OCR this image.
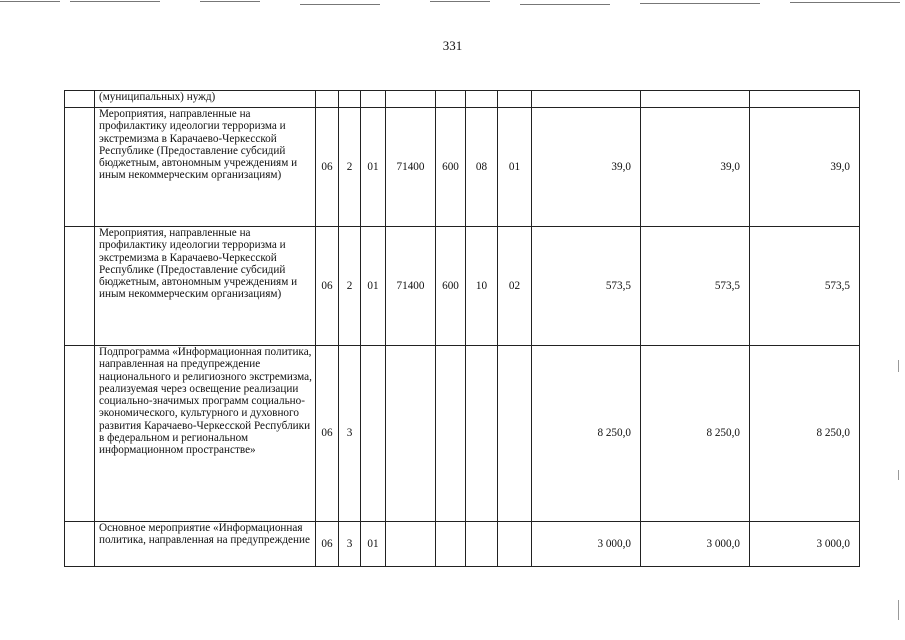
331
	(муниципальных) нужд)										
	Мероприятия, направленные на профилактику идеологии терроризма и экстремизма в Карачаево-Черкесской Республике (Предоставление субсидий бюджетным, автономным учреждениям и иным некоммерческим организациям)	06	2	01	71400	600	08	01	39,0	39,0	39,0
	Мероприятия, направленные на профилактику идеологии терроризма и экстремизма в Карачаево-Черкесской Республике (Предоставление субсидий бюджетным, автономным учреждениям и иным некоммерческим организациям)	06	2	01	71400	600	10	02	573,5	573,5	573,5
	Подпрограмма «Информационная политика, направленная на предупреждение национального и религиозного экстремизма, реализуемая через освещение реализации социально-значимых программ социально-экономического, культурного и духовного развития Карачаево-Черкесской Республики в федеральном и региональном информационном пространстве»	06	3						8 250,0	8 250,0	8 250,0
	Основное мероприятие «Информационная политика, направленная на предупреждение	06	3	01					3 000,0	3 000,0	3 000,0
